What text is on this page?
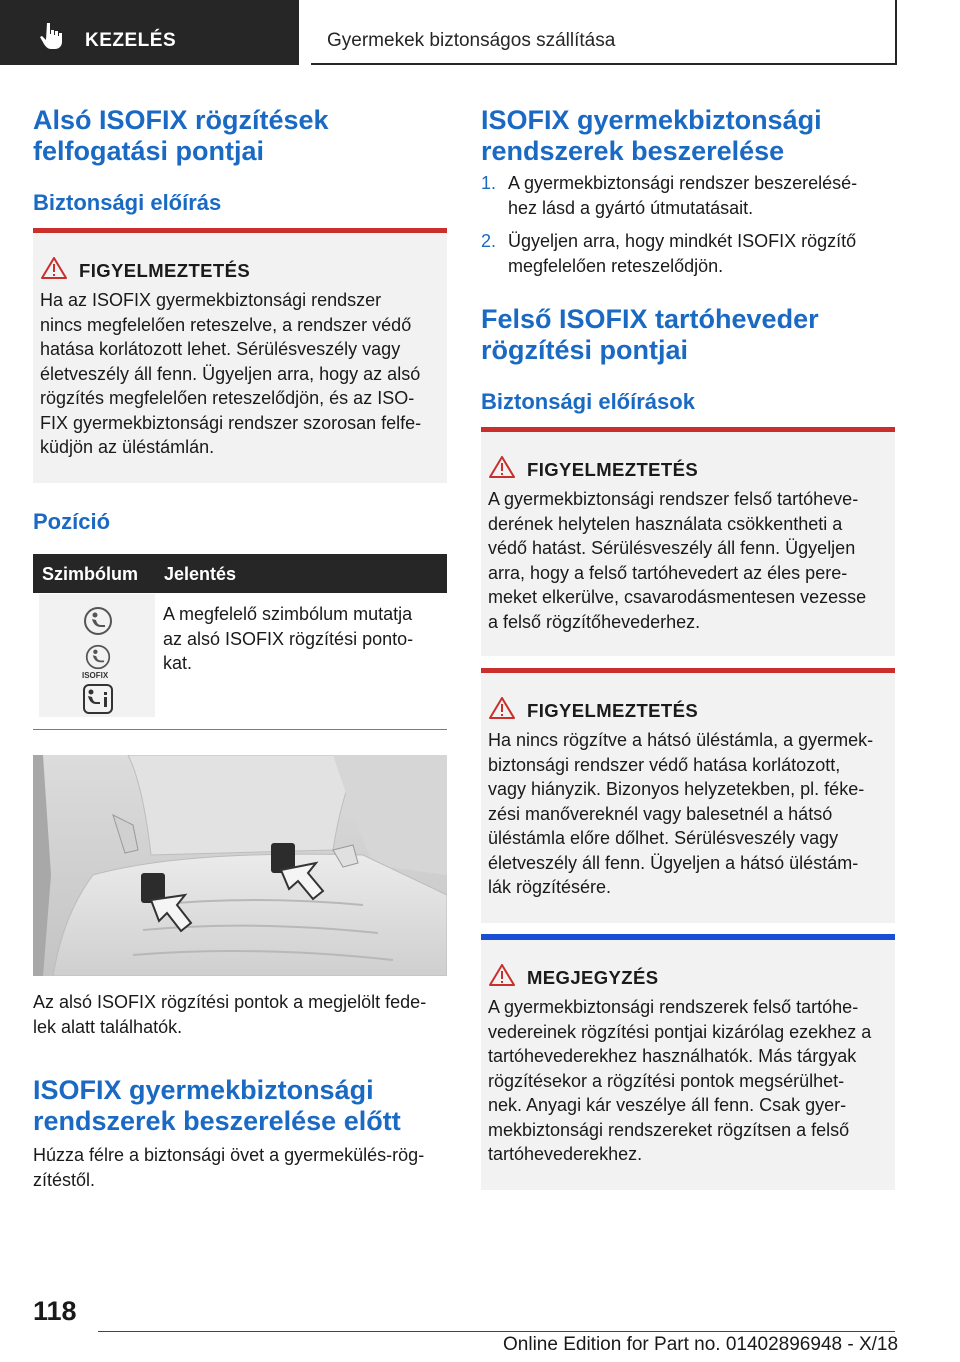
KEZELÉS	Gyermekek biztonságos szállítása
Alsó ISOFIX rögzítések
felfogatási pontjai
Biztonsági előírás
FIGYELMEZTETÉS
Ha az ISOFIX gyermekbiztonsági rendszer
nincs megfelelően reteszelve, a rendszer védő
hatása korlátozott lehet. Sérülésveszély vagy
életveszély áll fenn. Ügyeljen arra, hogy az alsó
rögzítés megfelelően reteszelődjön, és az ISO-
FIX gyermekbiztonsági rendszer szorosan felfe-
küdjön az üléstámlán.
Pozíció
Szimbólum Jelentés
ISOFIX
A megfelelő szimbólum mutatja
az alsó ISOFIX rögzítési ponto-
kat.
Az alsó ISOFIX rögzítési pontok a megjelölt fede-
lek alatt találhatók.
ISOFIX gyermekbiztonsági
rendszerek beszerelése előtt
Húzza félre a biztonsági övet a gyermekülés-rög-
zítéstől.
ISOFIX gyermekbiztonsági
rendszerek beszerelése
1. A gyermekbiztonsági rendszer beszerelésé-
hez lásd a gyártó útmutatásait.
2. Ügyeljen arra, hogy mindkét ISOFIX rögzítő
megfelelően reteszelődjön.
Felső ISOFIX tartóheveder
rögzítési pontjai
Biztonsági előírások
FIGYELMEZTETÉS
A gyermekbiztonsági rendszer felső tartóheve-
derének helytelen használata csökkentheti a
védő hatást. Sérülésveszély áll fenn. Ügyeljen
arra, hogy a felső tartóhevedert az éles pere-
meket elkerülve, csavarodásmentesen vezesse
a felső rögzítőhevederhez.
FIGYELMEZTETÉS
Ha nincs rögzítve a hátsó üléstámla, a gyermek-
biztonsági rendszer védő hatása korlátozott,
vagy hiányzik. Bizonyos helyzetekben, pl. féke-
zési manővereknél vagy balesetnél a hátsó
üléstámla előre dőlhet. Sérülésveszély vagy
életveszély áll fenn. Ügyeljen a hátsó üléstám-
lák rögzítésére.
MEGJEGYZÉS
A gyermekbiztonsági rendszerek felső tartóhe-
vedereinek rögzítési pontjai kizárólag ezekhez a
tartóhevederekhez használhatók. Más tárgyak
rögzítésekor a rögzítési pontok megsérülhet-
nek. Anyagi kár veszélye áll fenn. Csak gyer-
mekbiztonsági rendszereket rögzítsen a felső
tartóhevederekhez.
118
Online Edition for Part no. 01402896948 - X/18
